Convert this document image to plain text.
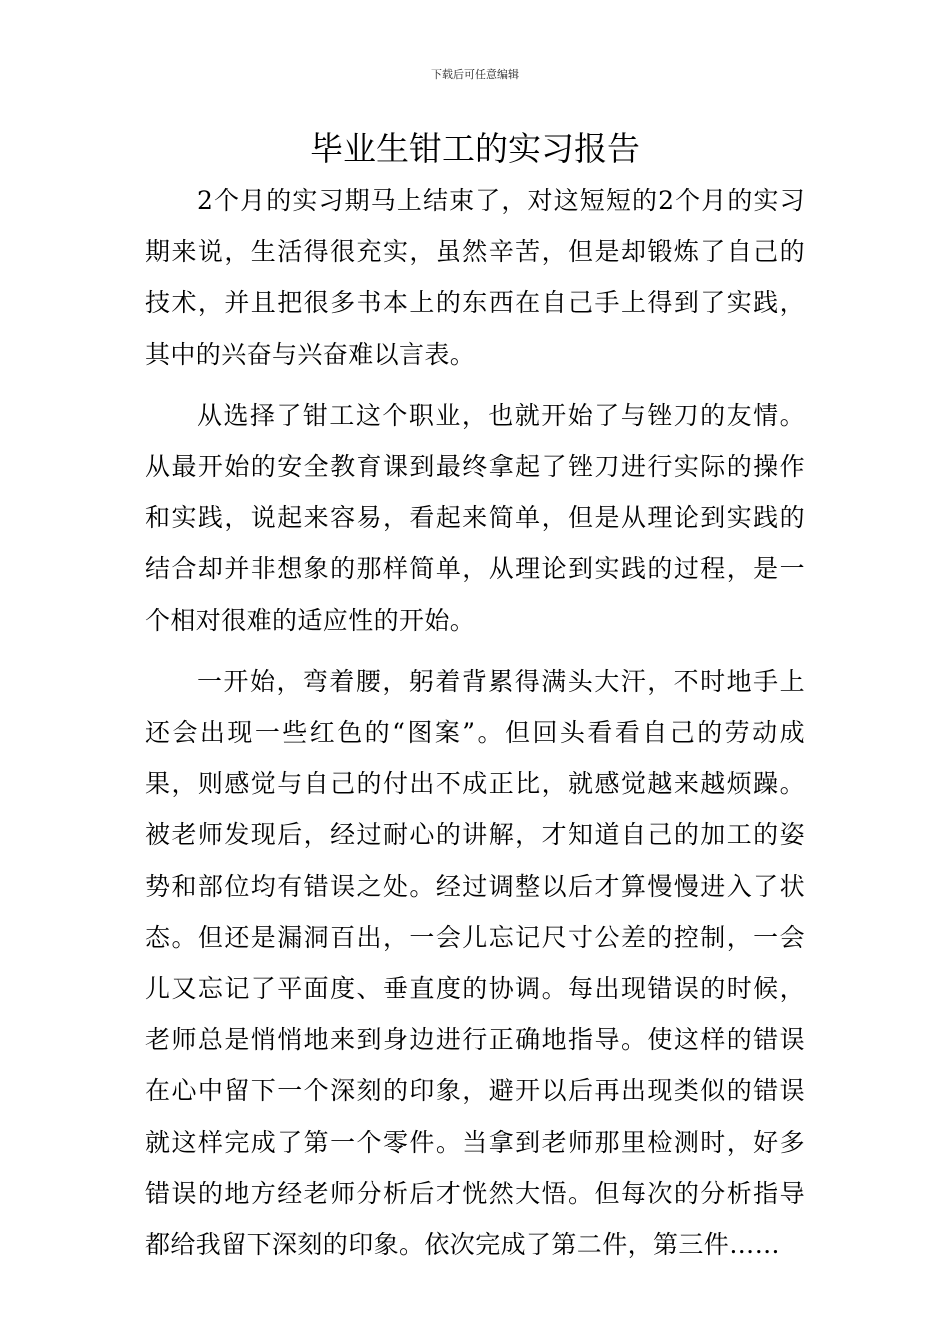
下载后可任意编辑
毕业生钳工的实习报告

2个月的实习期马上结束了，对这短短的2个月的实习期来说，生活得很充实，虽然辛苦，但是却锻炼了自己的技术，并且把很多书本上的东西在自己手上得到了实践，其中的兴奋与兴奋难以言表。

从选择了钳工这个职业，也就开始了与锉刀的友情。从最开始的安全教育课到最终拿起了锉刀进行实际的操作和实践，说起来容易，看起来简单，但是从理论到实践的结合却并非想象的那样简单，从理论到实践的过程，是一个相对很难的适应性的开始。

一开始，弯着腰，躬着背累得满头大汗，不时地手上还会出现一些红色的“图案”。但回头看看自己的劳动成果，则感觉与自己的付出不成正比，就感觉越来越烦躁。被老师发现后，经过耐心的讲解，才知道自己的加工的姿势和部位均有错误之处。经过调整以后才算慢慢进入了状态。但还是漏洞百出，一会儿忘记尺寸公差的控制，一会儿又忘记了平面度、垂直度的协调。每出现错误的时候，老师总是悄悄地来到身边进行正确地指导。使这样的错误在心中留下一个深刻的印象，避开以后再出现类似的错误就这样完成了第一个零件。当拿到老师那里检测时，好多错误的地方经老师分析后才恍然大悟。但每次的分析指导都给我留下深刻的印象。依次完成了第二件，第三件……
